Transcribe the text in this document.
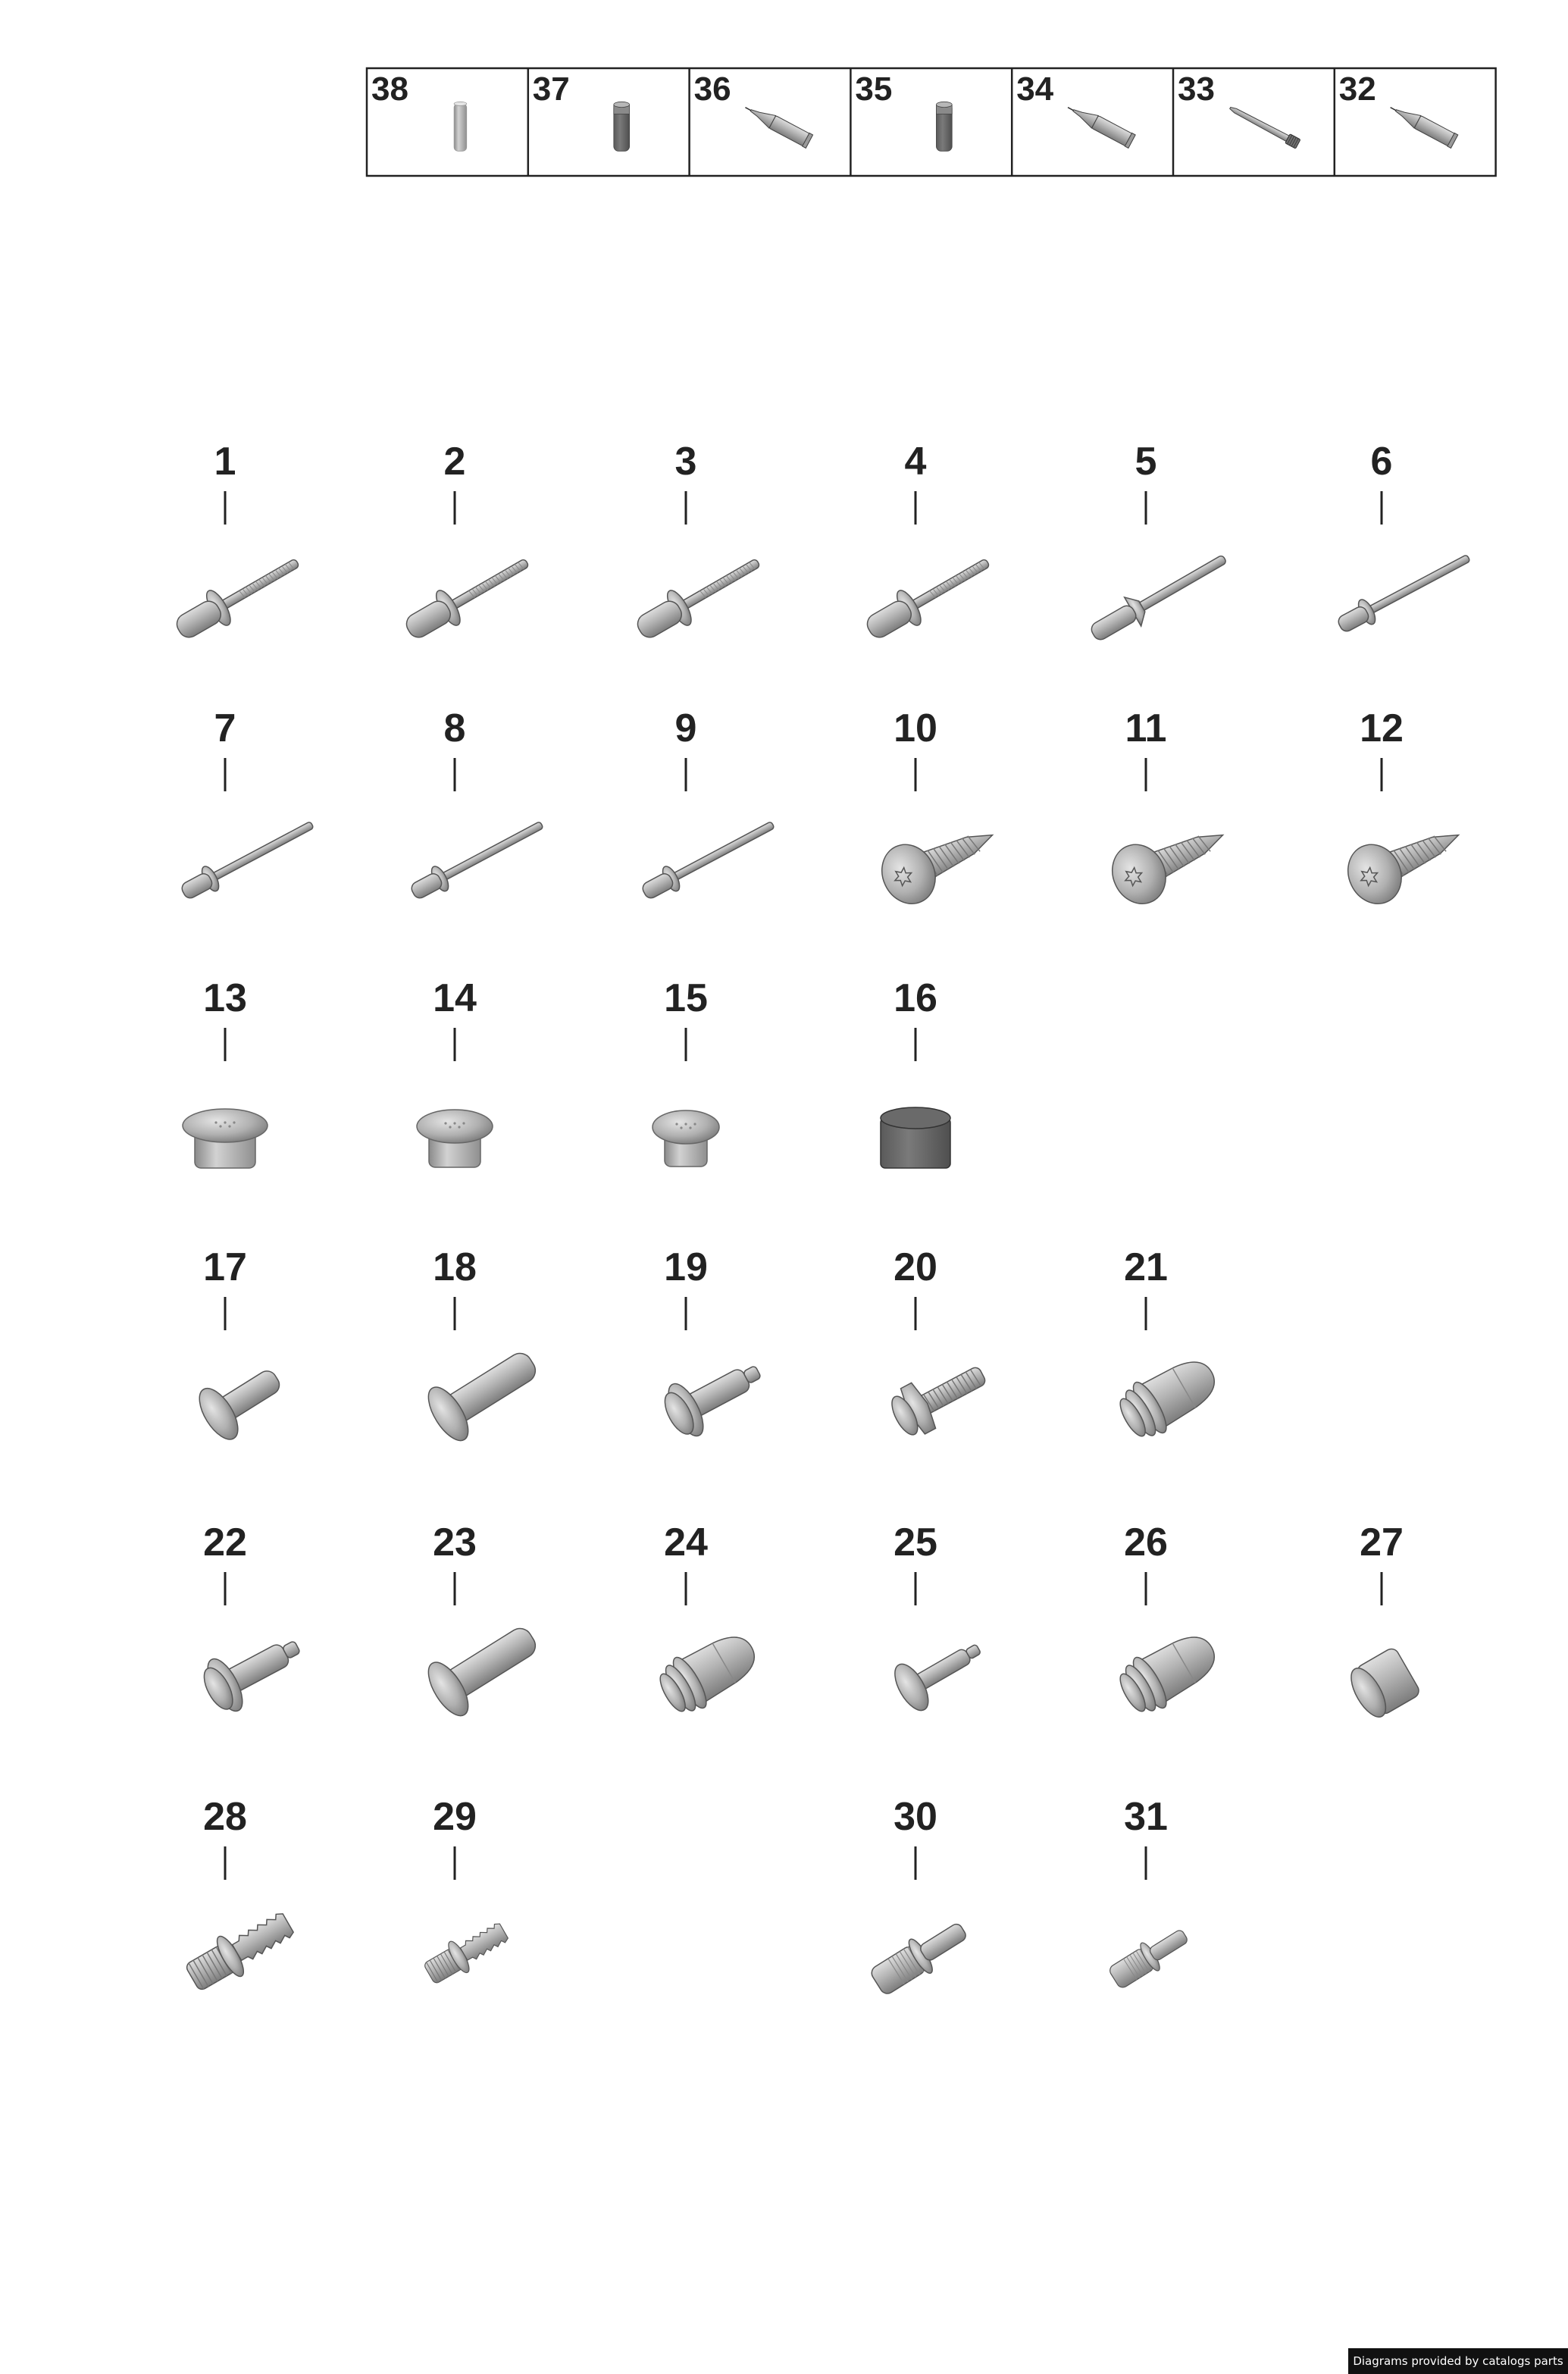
38	37	36	35	34	33	32
1	2	3	4	5	6
7	8	9	10	11	12
13	14	15	16
17	18	19	20	21
22	23	24	25	26	27
28	29	30	31
Diagrams provided by catalogs parts
